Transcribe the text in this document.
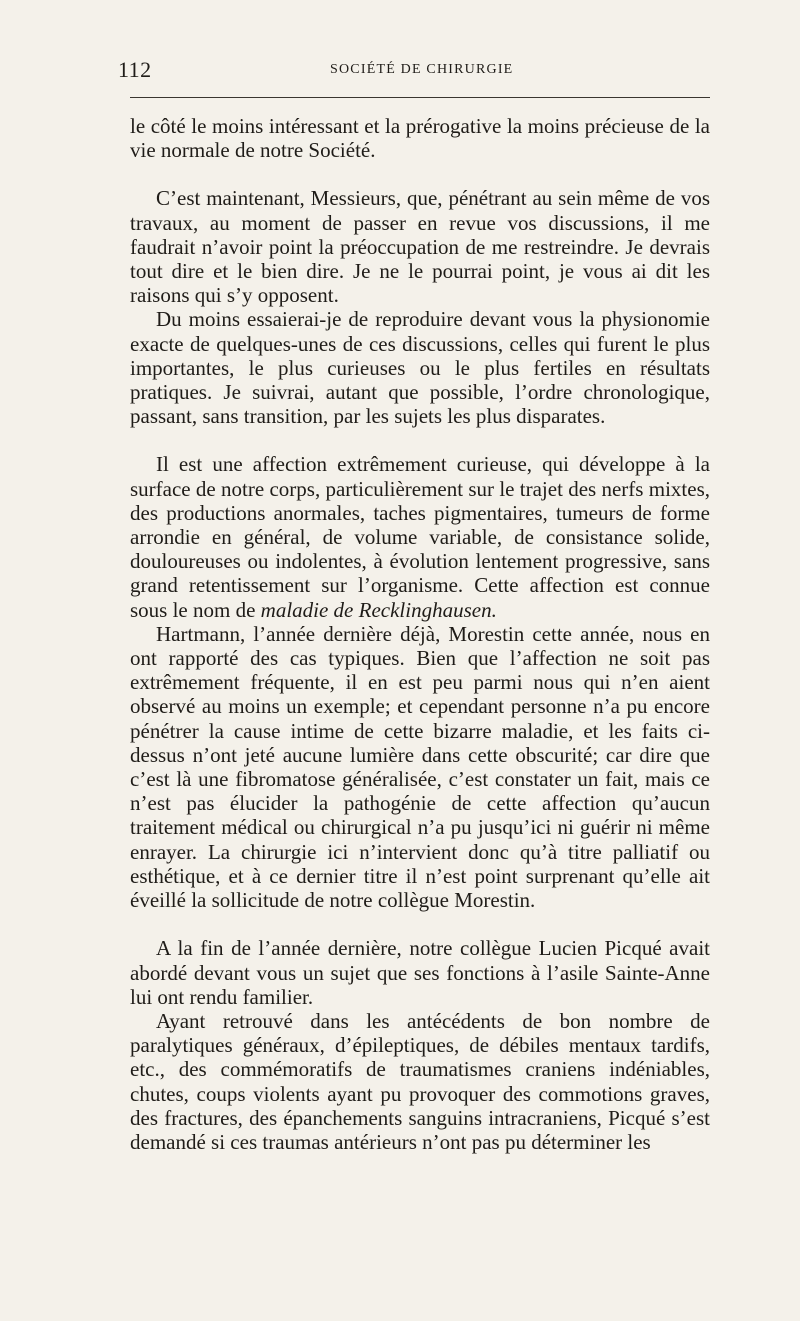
112	SOCIÉTÉ DE CHIRURGIE

le côté le moins intéressant et la prérogative la moins précieuse de la vie normale de notre Société.

C’est maintenant, Messieurs, que, pénétrant au sein même de vos travaux, au moment de passer en revue vos discussions, il me faudrait n’avoir point la préoccupation de me restreindre. Je devrais tout dire et le bien dire. Je ne le pourrai point, je vous ai dit les raisons qui s’y opposent.

Du moins essaierai-je de reproduire devant vous la physionomie exacte de quelques-unes de ces discussions, celles qui furent le plus importantes, le plus curieuses ou le plus fertiles en résultats pratiques. Je suivrai, autant que possible, l’ordre chronologique, passant, sans transition, par les sujets les plus disparates.

Il est une affection extrêmement curieuse, qui développe à la surface de notre corps, particulièrement sur le trajet des nerfs mixtes, des productions anormales, taches pigmentaires, tumeurs de forme arrondie en général, de volume variable, de consistance solide, douloureuses ou indolentes, à évolution lentement progressive, sans grand retentissement sur l’organisme. Cette affection est connue sous le nom de maladie de Recklinghausen.

Hartmann, l’année dernière déjà, Morestin cette année, nous en ont rapporté des cas typiques. Bien que l’affection ne soit pas extrêmement fréquente, il en est peu parmi nous qui n’en aient observé au moins un exemple; et cependant personne n’a pu encore pénétrer la cause intime de cette bizarre maladie, et les faits ci-dessus n’ont jeté aucune lumière dans cette obscurité; car dire que c’est là une fibromatose généralisée, c’est constater un fait, mais ce n’est pas élucider la pathogénie de cette affection qu’aucun traitement médical ou chirurgical n’a pu jusqu’ici ni guérir ni même enrayer. La chirurgie ici n’intervient donc qu’à titre palliatif ou esthétique, et à ce dernier titre il n’est point surprenant qu’elle ait éveillé la sollicitude de notre collègue Morestin.

A la fin de l’année dernière, notre collègue Lucien Picqué avait abordé devant vous un sujet que ses fonctions à l’asile Sainte-Anne lui ont rendu familier.

Ayant retrouvé dans les antécédents de bon nombre de paralytiques généraux, d’épileptiques, de débiles mentaux tardifs, etc., des commémoratifs de traumatismes craniens indéniables, chutes, coups violents ayant pu provoquer des commotions graves, des fractures, des épanchements sanguins intracraniens, Picqué s’est demandé si ces traumas antérieurs n’ont pas pu déterminer les
